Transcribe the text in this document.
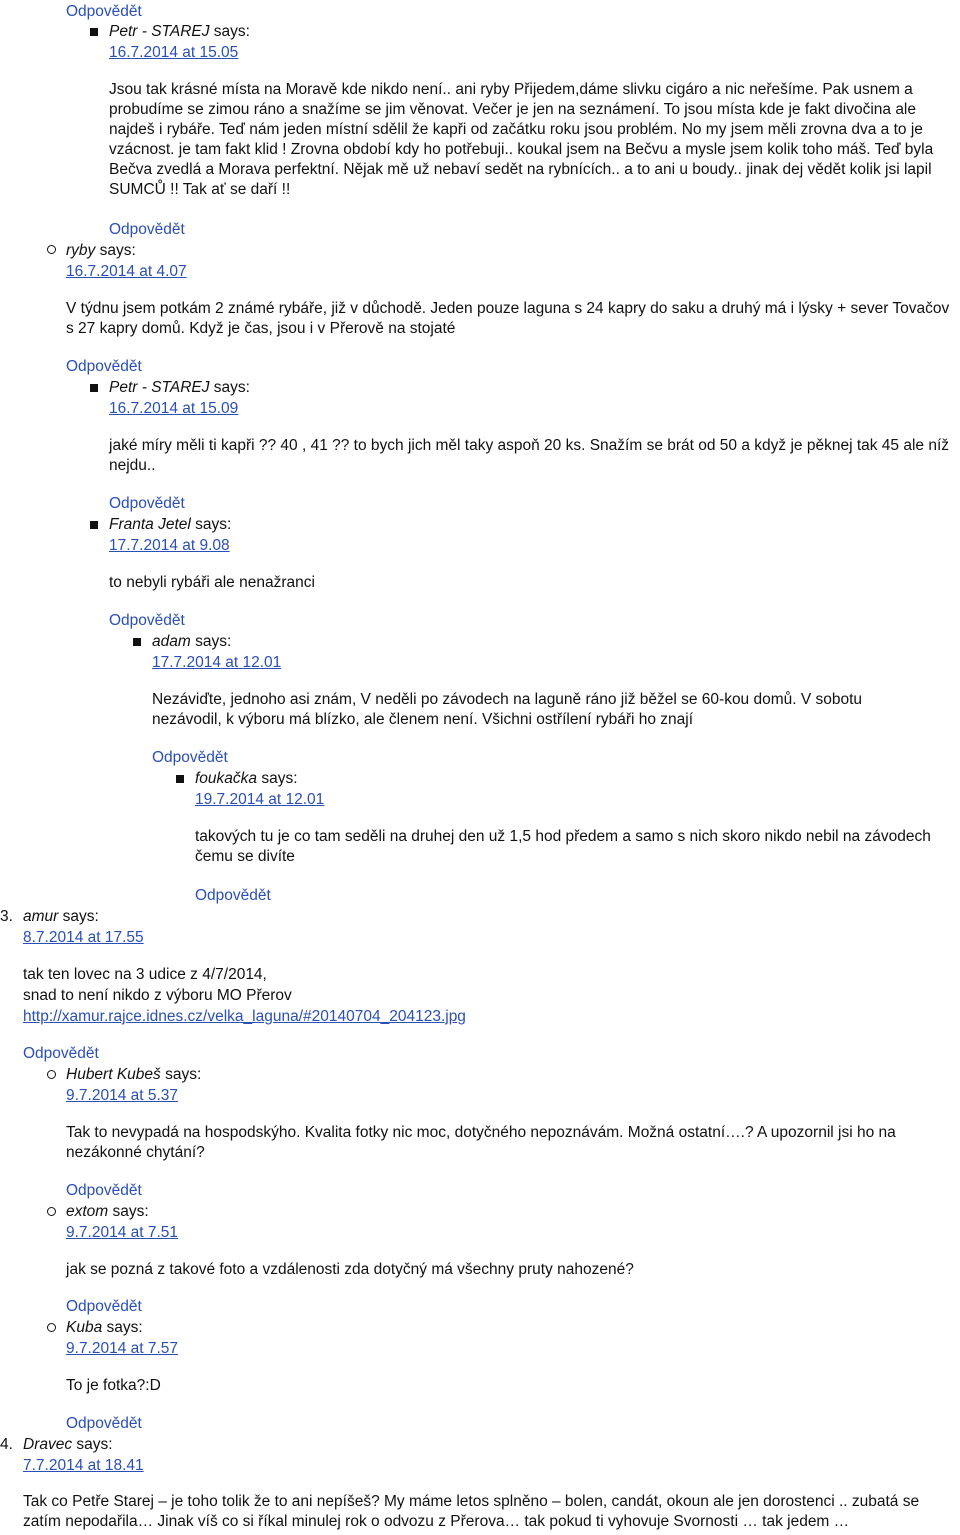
Odpovědět
Petr - STAREJ says:
16.7.2014 at 15.05

Jsou tak krásné místa na Moravě kde nikdo není.. ani ryby Přijedem,dáme slivku cigáro a nic neřešíme. Pak usnem a probudíme se zimou ráno a snažíme se jim věnovat. Večer je jen na seznámení. To jsou místa kde je fakt divočina ale najdeš i rybáře. Teď nám jeden místní sdělil že kapři od začátku roku jsou problém. No my jsem měli zrovna dva a to je vzácnost. je tam fakt klid ! Zrovna období kdy ho potřebuji.. koukal jsem na Bečvu a mysle jsem kolik toho máš. Teď byla Bečva zvedlá a Morava perfektní. Nějak mě už nebaví sedět na rybnících.. a to ani u boudy.. jinak dej vědět kolik jsi lapil SUMCŮ !! Tak ať se daří !!

Odpovědět
ryby says:
16.7.2014 at 4.07

V týdnu jsem potkám 2 známé rybáře, již v důchodě. Jeden pouze laguna s 24 kapry do saku a druhý má i lýsky + sever Tovačov s 27 kapry domů. Když je čas, jsou i v Přerově na stojaté

Odpovědět
Petr - STAREJ says:
16.7.2014 at 15.09

jaké míry měli ti kapři ?? 40 , 41 ?? to bych jich měl taky aspoň 20 ks. Snažím se brát od 50 a když je pěknej tak 45 ale níž nejdu..

Odpovědět
Franta Jetel says:
17.7.2014 at 9.08

to nebyli rybáři ale nenažranci

Odpovědět
adam says:
17.7.2014 at 12.01

Nezáviďte, jednoho asi znám, V neděli po závodech na laguně ráno již běžel se 60-kou domů. V sobotu nezávodil, k výboru má blízko, ale členem není. Všichni ostřílení rybáři ho znají

Odpovědět
foukačka says:
19.7.2014 at 12.01

takových tu je co tam seděli na druhej den už 1,5 hod předem a samo s nich skoro nikdo nebil na závodech čemu se divíte

Odpovědět
3. amur says:
8.7.2014 at 17.55
tak ten lovec na 3 udice z 4/7/2014,
snad to není nikdo z výboru MO Přerov
http://xamur.rajce.idnes.cz/velka_laguna/#20140704_204123.jpg
Odpovědět
Hubert Kubeš says:
9.7.2014 at 5.37

Tak to nevypadá na hospodskýho. Kvalita fotky nic moc, dotyčného nepoznávám. Možná ostatní….? A upozornil jsi ho na nezákonné chytání?

Odpovědět
extom says:
9.7.2014 at 7.51

jak se pozná z takové foto a vzdálenosti zda dotyčný má všechny pruty nahozené?

Odpovědět
Kuba says:
9.7.2014 at 7.57

To je fotka?:D

Odpovědět
4. Dravec says:
7.7.2014 at 18.41

Tak co Petře Starej – je toho tolik že to ani nepíšeš? My máme letos splněno – bolen, candát, okoun ale jen dorostenci .. zubatá se zatím nepodařila… Jinak víš co si říkal minulej rok o odvozu z Přerova… tak pokud ti vyhovuje Svornosti … tak jedem …
